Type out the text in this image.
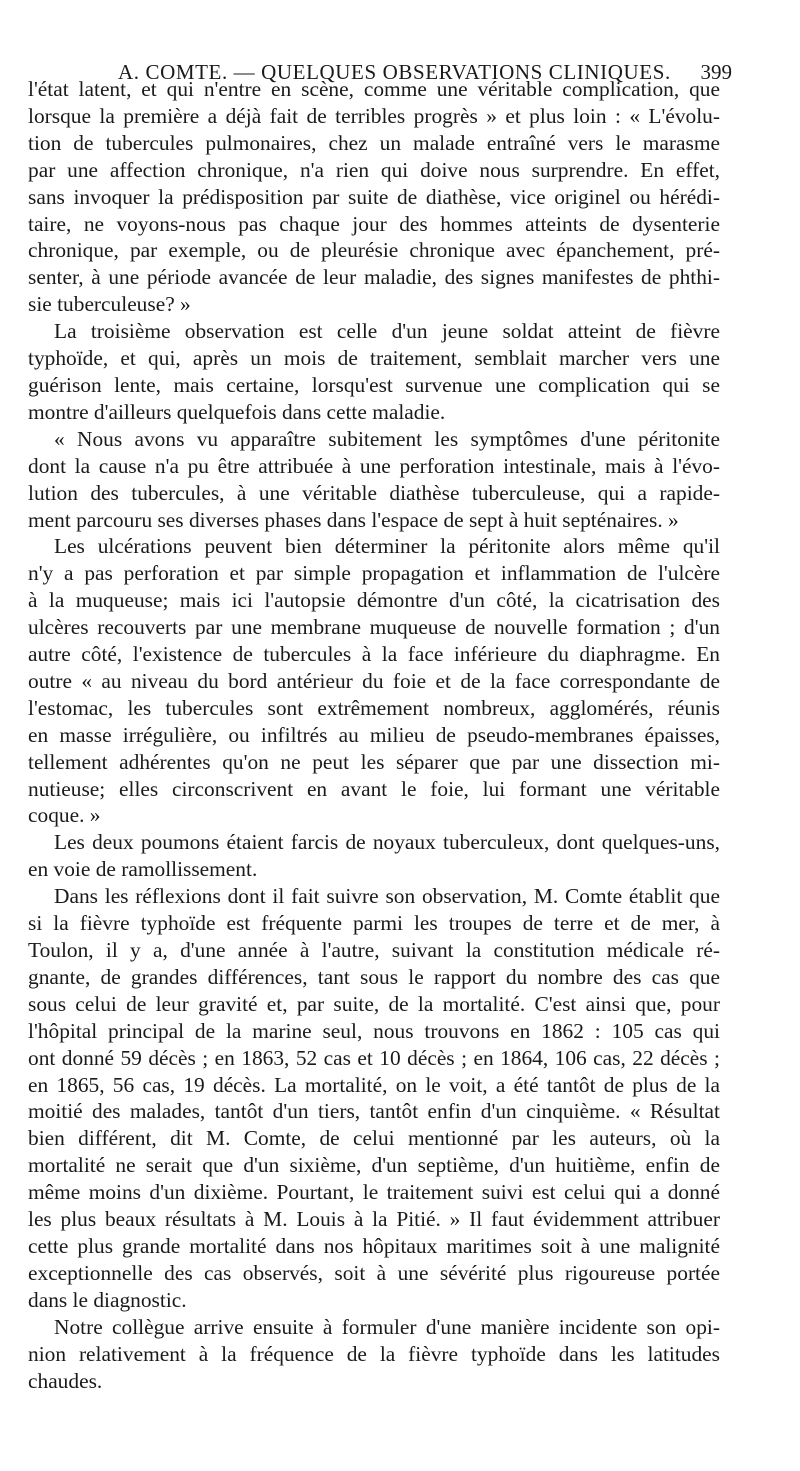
A. COMTE. — QUELQUES OBSERVATIONS CLINIQUES. 399

l'état latent, et qui n'entre en scène, comme une véritable complication, que
lorsque la première a déjà fait de terribles progrès » et plus loin : « L'évolu-
tion de tubercules pulmonaires, chez un malade entraîné vers le marasme
par une affection chronique, n'a rien qui doive nous surprendre. En effet,
sans invoquer la prédisposition par suite de diathèse, vice originel ou hérédi-
taire, ne voyons-nous pas chaque jour des hommes atteints de dysenterie
chronique, par exemple, ou de pleurésie chronique avec épanchement, pré-
senter, à une période avancée de leur maladie, des signes manifestes de phthi-
sie tuberculeuse? »

La troisième observation est celle d'un jeune soldat atteint de fièvre
typhoïde, et qui, après un mois de traitement, semblait marcher vers une
guérison lente, mais certaine, lorsqu'est survenue une complication qui se
montre d'ailleurs quelquefois dans cette maladie.

« Nous avons vu apparaître subitement les symptômes d'une péritonite
dont la cause n'a pu être attribuée à une perforation intestinale, mais à l'évo-
lution des tubercules, à une véritable diathèse tuberculeuse, qui a rapide-
ment parcouru ses diverses phases dans l'espace de sept à huit septénaires. »

Les ulcérations peuvent bien déterminer la péritonite alors même qu'il
n'y a pas perforation et par simple propagation et inflammation de l'ulcère
à la muqueuse; mais ici l'autopsie démontre d'un côté, la cicatrisation des
ulcères recouverts par une membrane muqueuse de nouvelle formation ; d'un
autre côté, l'existence de tubercules à la face inférieure du diaphragme. En
outre « au niveau du bord antérieur du foie et de la face correspondante de
l'estomac, les tubercules sont extrêmement nombreux, agglomérés, réunis
en masse irrégulière, ou infiltrés au milieu de pseudo-membranes épaisses,
tellement adhérentes qu'on ne peut les séparer que par une dissection mi-
nutieuse; elles circonscrivent en avant le foie, lui formant une véritable
coque. »

Les deux poumons étaient farcis de noyaux tuberculeux, dont quelques-uns,
en voie de ramollissement.

Dans les réflexions dont il fait suivre son observation, M. Comte établit que
si la fièvre typhoïde est fréquente parmi les troupes de terre et de mer, à
Toulon, il y a, d'une année à l'autre, suivant la constitution médicale ré-
gnante, de grandes différences, tant sous le rapport du nombre des cas que
sous celui de leur gravité et, par suite, de la mortalité. C'est ainsi que, pour
l'hôpital principal de la marine seul, nous trouvons en 1862 : 105 cas qui
ont donné 59 décès ; en 1863, 52 cas et 10 décès ; en 1864, 106 cas, 22 décès ;
en 1865, 56 cas, 19 décès. La mortalité, on le voit, a été tantôt de plus de la
moitié des malades, tantôt d'un tiers, tantôt enfin d'un cinquième. « Résultat
bien différent, dit M. Comte, de celui mentionné par les auteurs, où la
mortalité ne serait que d'un sixième, d'un septième, d'un huitième, enfin de
même moins d'un dixième. Pourtant, le traitement suivi est celui qui a donné
les plus beaux résultats à M. Louis à la Pitié. » Il faut évidemment attribuer
cette plus grande mortalité dans nos hôpitaux maritimes soit à une malignité
exceptionnelle des cas observés, soit à une sévérité plus rigoureuse portée
dans le diagnostic.

Notre collègue arrive ensuite à formuler d'une manière incidente son opi-
nion relativement à la fréquence de la fièvre typhoïde dans les latitudes
chaudes.
